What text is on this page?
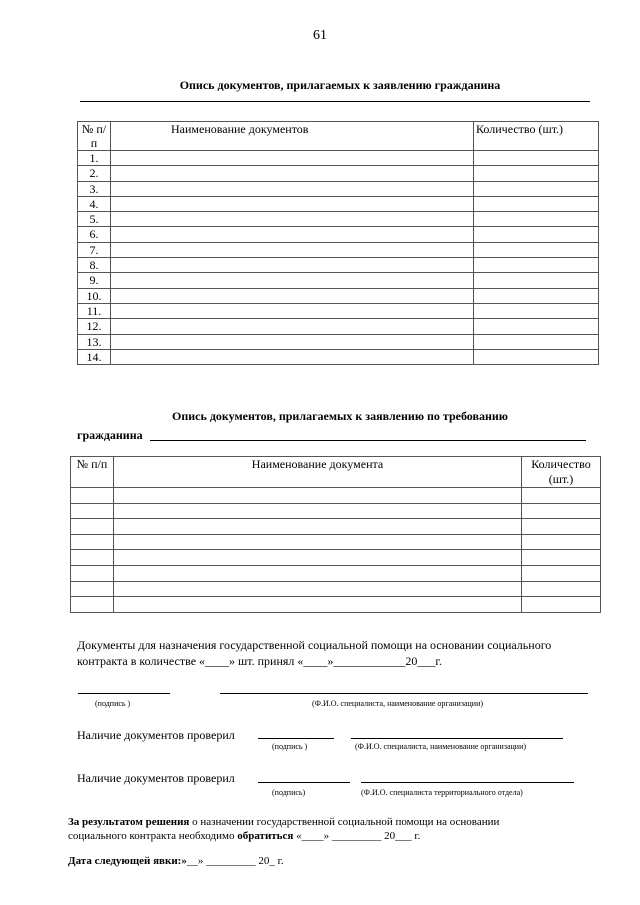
61
Опись документов, прилагаемых к заявлению гражданина
№ п/п	Наименование документов	Количество (шт.)
1.		
2.		
3.		
4.		
5.		
6.		
7.		
8.		
9.		
10.		
11.		
12.		
13.		
14.		
Опись документов, прилагаемых к заявлению по требованию
гражданина
№ п/п	Наименование документа	Количество (шт.)

Документы для назначения государственной социальной помощи на основании социального
контракта в количестве «____» шт. принял «____»____________20___г.
(подпись )	(Ф.И.О. специалиста, наименование организации)
Наличие документов проверил
(подпись )	(Ф.И.О. специалиста, наименование организации)
Наличие документов проверил
(подпись)	(Ф.И.О. специалиста территориального отдела)
За результатом решения о назначении государственной социальной помощи на основании
социального контракта необходимо обратиться «____» _________ 20___ г.
Дата следующей явки:»__» _________ 20_ г.
